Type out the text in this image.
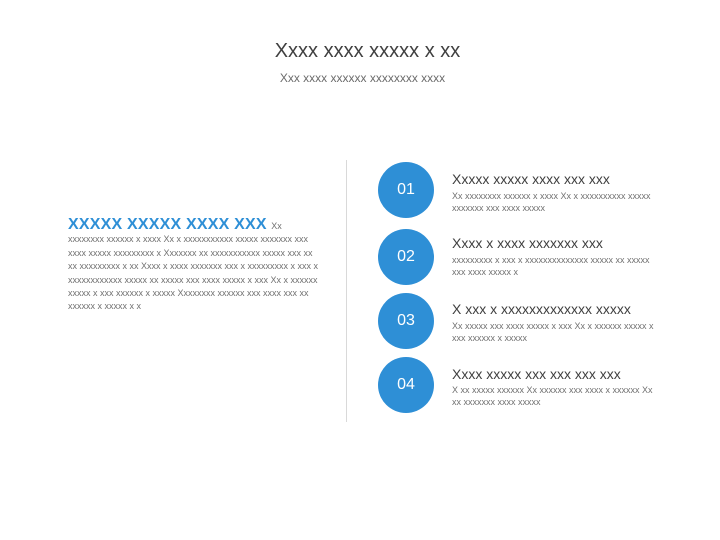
Xxxx xxxx xxxxx x xx
Xxx xxxx xxxxxx xxxxxxxx xxxx
XXXXX XXXXX XXXX XXX Xx xxxxxxxx xxxxxx x xxxx Xx x xxxxxxxxxxx xxxxx xxxxxxx xxx xxxx xxxxx xxxxxxxxx x Xxxxxxx xx xxxxxxxxxxx xxxxx xxx xx xx xxxxxxxxx x xx Xxxx x xxxx xxxxxxx xxx x xxxxxxxxx x xxx x xxxxxxxxxxxx xxxxx xx xxxxx xxx xxxx xxxxx x xxx Xx x xxxxxx xxxxx x xxx xxxxxx x xxxxx Xxxxxxxx xxxxxx xxx xxxx xxx xx xxxxxx x xxxxx x x
01
Xxxxx xxxxx xxxx xxx xxx
Xx xxxxxxxx xxxxxx x xxxx Xx x xxxxxxxxxx xxxxx xxxxxxx xxx xxxx xxxxx
02
Xxxx x xxxx xxxxxxx xxx
xxxxxxxxx x xxx x xxxxxxxxxxxxxx xxxxx xx xxxxx xxx xxxx xxxxx x
03
X xxx x xxxxxxxxxxxxx xxxxx
Xx xxxxx xxx xxxx xxxxx x xxx Xx x xxxxxx xxxxx x xxx xxxxxx x xxxxx
04
Xxxx xxxxx xxx xxx xxx xxx
X xx xxxxx xxxxxx Xx xxxxxx xxx xxxx x xxxxxx Xx xx xxxxxxx xxxx xxxxx
